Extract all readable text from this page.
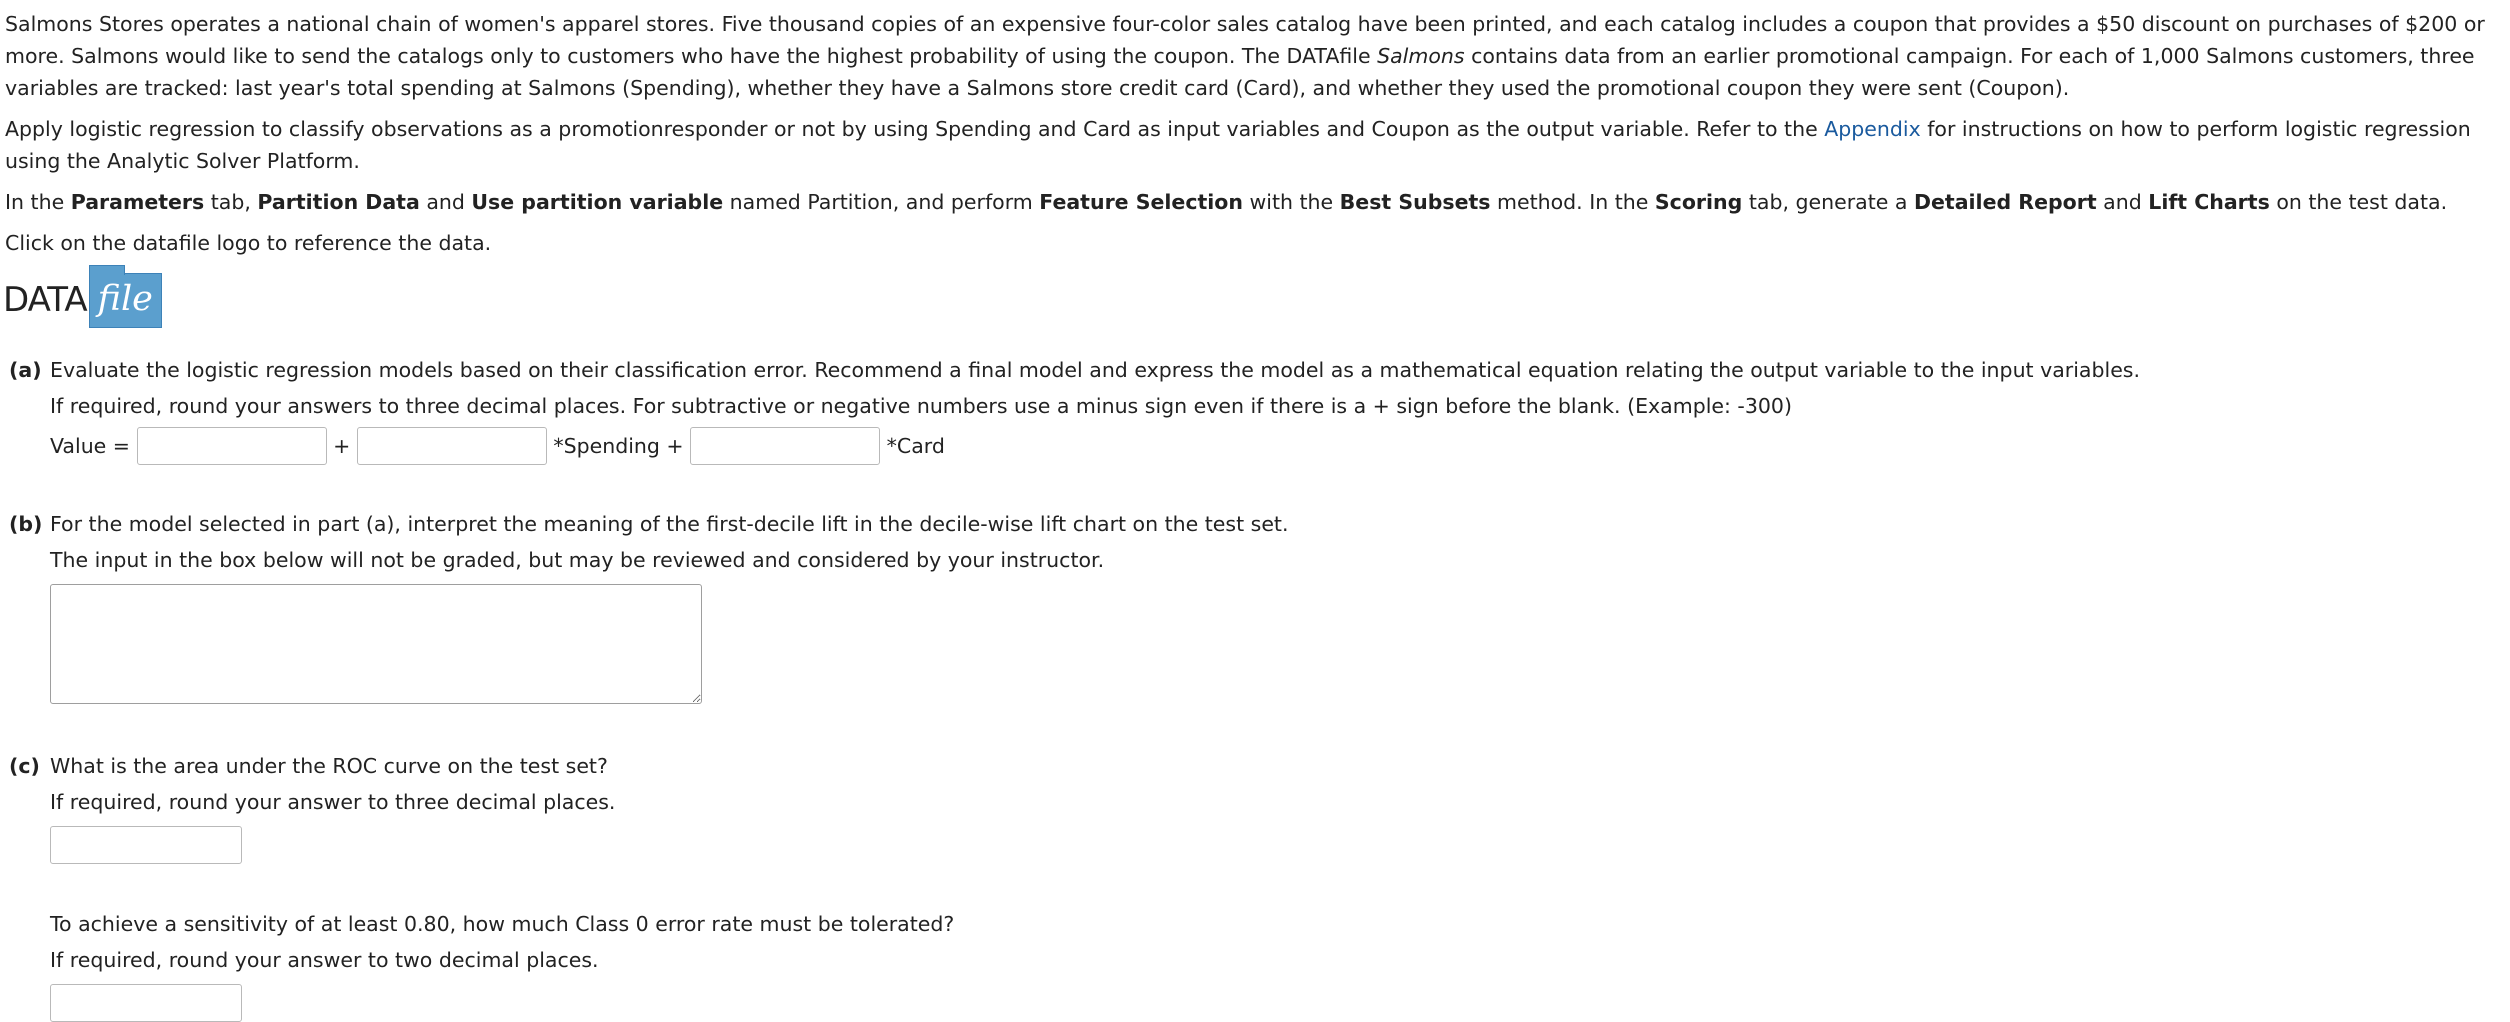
Salmons Stores operates a national chain of women's apparel stores. Five thousand copies of an expensive four-color sales catalog have been printed, and each catalog includes a coupon that provides a $50 discount on purchases of $200 or more. Salmons would like to send the catalogs only to customers who have the highest probability of using the coupon. The DATAfile Salmons contains data from an earlier promotional campaign. For each of 1,000 Salmons customers, three variables are tracked: last year's total spending at Salmons (Spending), whether they have a Salmons store credit card (Card), and whether they used the promotional coupon they were sent (Coupon).

Apply logistic regression to classify observations as a promotionresponder or not by using Spending and Card as input variables and Coupon as the output variable. Refer to the Appendix for instructions on how to perform logistic regression using the Analytic Solver Platform.

In the Parameters tab, Partition Data and Use partition variable named Partition, and perform Feature Selection with the Best Subsets method. In the Scoring tab, generate a Detailed Report and Lift Charts on the test data.

Click on the datafile logo to reference the data.

DATA file
(a) Evaluate the logistic regression models based on their classification error. Recommend a final model and express the model as a mathematical equation relating the output variable to the input variables.
If required, round your answers to three decimal places. For subtractive or negative numbers use a minus sign even if there is a + sign before the blank. (Example: -300)
Value =

	+

	*Spending +

	*Card
(b) For the model selected in part (a), interpret the meaning of the first-decile lift in the decile-wise lift chart on the test set.
The input in the box below will not be graded, but may be reviewed and considered by your instructor.
(c) What is the area under the ROC curve on the test set?
If required, round your answer to three decimal places.
To achieve a sensitivity of at least 0.80, how much Class 0 error rate must be tolerated?
If required, round your answer to two decimal places.
